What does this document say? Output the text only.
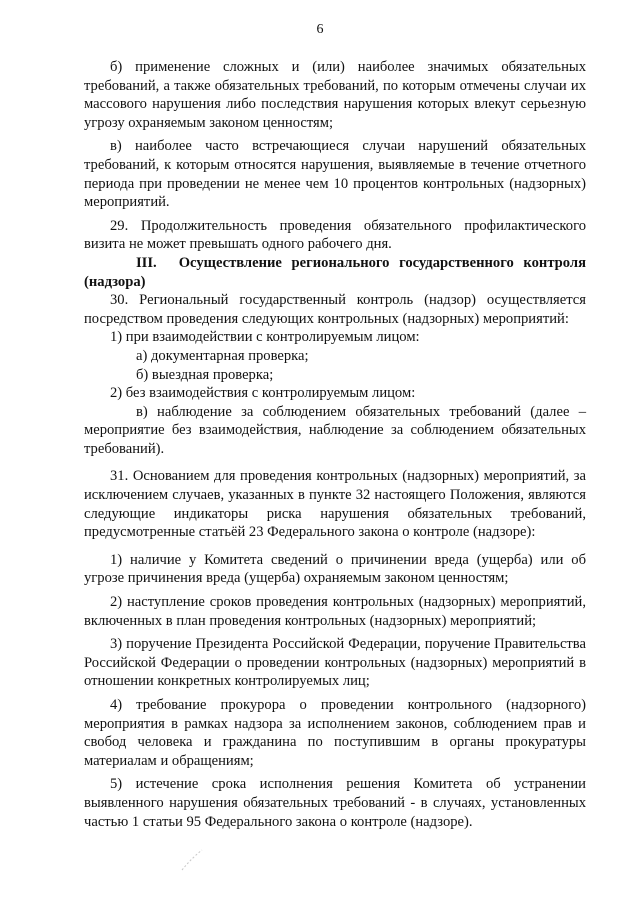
6

б) применение сложных и (или) наиболее значимых обязательных требований, а также обязательных требований, по которым отмечены случаи их массового нарушения либо последствия нарушения которых влекут серьезную угрозу охраняемым законом ценностям;

в) наиболее часто встречающиеся случаи нарушений обязательных требований, к которым относятся нарушения, выявляемые в течение отчетного периода при проведении не менее чем 10 процентов контрольных (надзорных) мероприятий.

29. Продолжительность проведения обязательного профилактического визита не может превышать одного рабочего дня.

III. Осуществление регионального государственного контроля (надзора)

30. Региональный государственный контроль (надзор) осуществляется посредством проведения следующих контрольных (надзорных) мероприятий:

1) при взаимодействии с контролируемым лицом:

а) документарная проверка;

б) выездная проверка;

2) без взаимодействия с контролируемым лицом:

в) наблюдение за соблюдением обязательных требований (далее – мероприятие без взаимодействия, наблюдение за соблюдением обязательных требований).

31. Основанием для проведения контрольных (надзорных) мероприятий, за исключением случаев, указанных в пункте 32 настоящего Положения, являются следующие индикаторы риска нарушения обязательных требований, предусмотренные статьёй 23 Федерального закона о контроле (надзоре):

1) наличие у Комитета сведений о причинении вреда (ущерба) или об угрозе причинения вреда (ущерба) охраняемым законом ценностям;

2) наступление сроков проведения контрольных (надзорных) мероприятий, включенных в план проведения контрольных (надзорных) мероприятий;

3) поручение Президента Российской Федерации, поручение Правительства Российской Федерации о проведении контрольных (надзорных) мероприятий в отношении конкретных контролируемых лиц;

4) требование прокурора о проведении контрольного (надзорного) мероприятия в рамках надзора за исполнением законов, соблюдением прав и свобод человека и гражданина по поступившим в органы прокуратуры материалам и обращениям;

5) истечение срока исполнения решения Комитета об устранении выявленного нарушения обязательных требований - в случаях, установленных частью 1 статьи 95 Федерального закона о контроле (надзоре).
